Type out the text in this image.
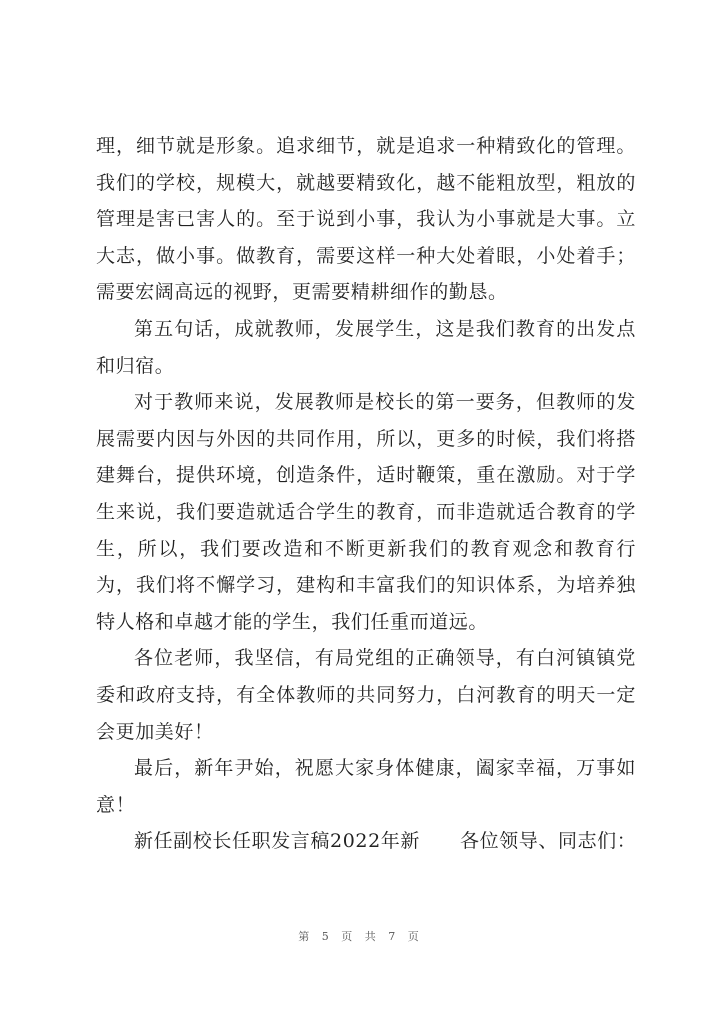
理，细节就是形象。追求细节，就是追求一种精致化的管理。我们的学校，规模大，就越要精致化，越不能粗放型，粗放的管理是害已害人的。至于说到小事，我认为小事就是大事。立大志，做小事。做教育，需要这样一种大处着眼，小处着手；需要宏阔高远的视野，更需要精耕细作的勤恳。

第五句话，成就教师，发展学生，这是我们教育的出发点和归宿。

对于教师来说，发展教师是校长的第一要务，但教师的发展需要内因与外因的共同作用，所以，更多的时候，我们将搭建舞台，提供环境，创造条件，适时鞭策，重在激励。对于学生来说，我们要造就适合学生的教育，而非造就适合教育的学生，所以，我们要改造和不断更新我们的教育观念和教育行为，我们将不懈学习，建构和丰富我们的知识体系，为培养独特人格和卓越才能的学生，我们任重而道远。

各位老师，我坚信，有局党组的正确领导，有白河镇镇党委和政府支持，有全体教师的共同努力，白河教育的明天一定会更加美好！

最后，新年尹始，祝愿大家身体健康，阖家幸福，万事如意！

新任副校长任职发言稿2022年新 各位领导、同志们：

第 5 页 共 7 页
